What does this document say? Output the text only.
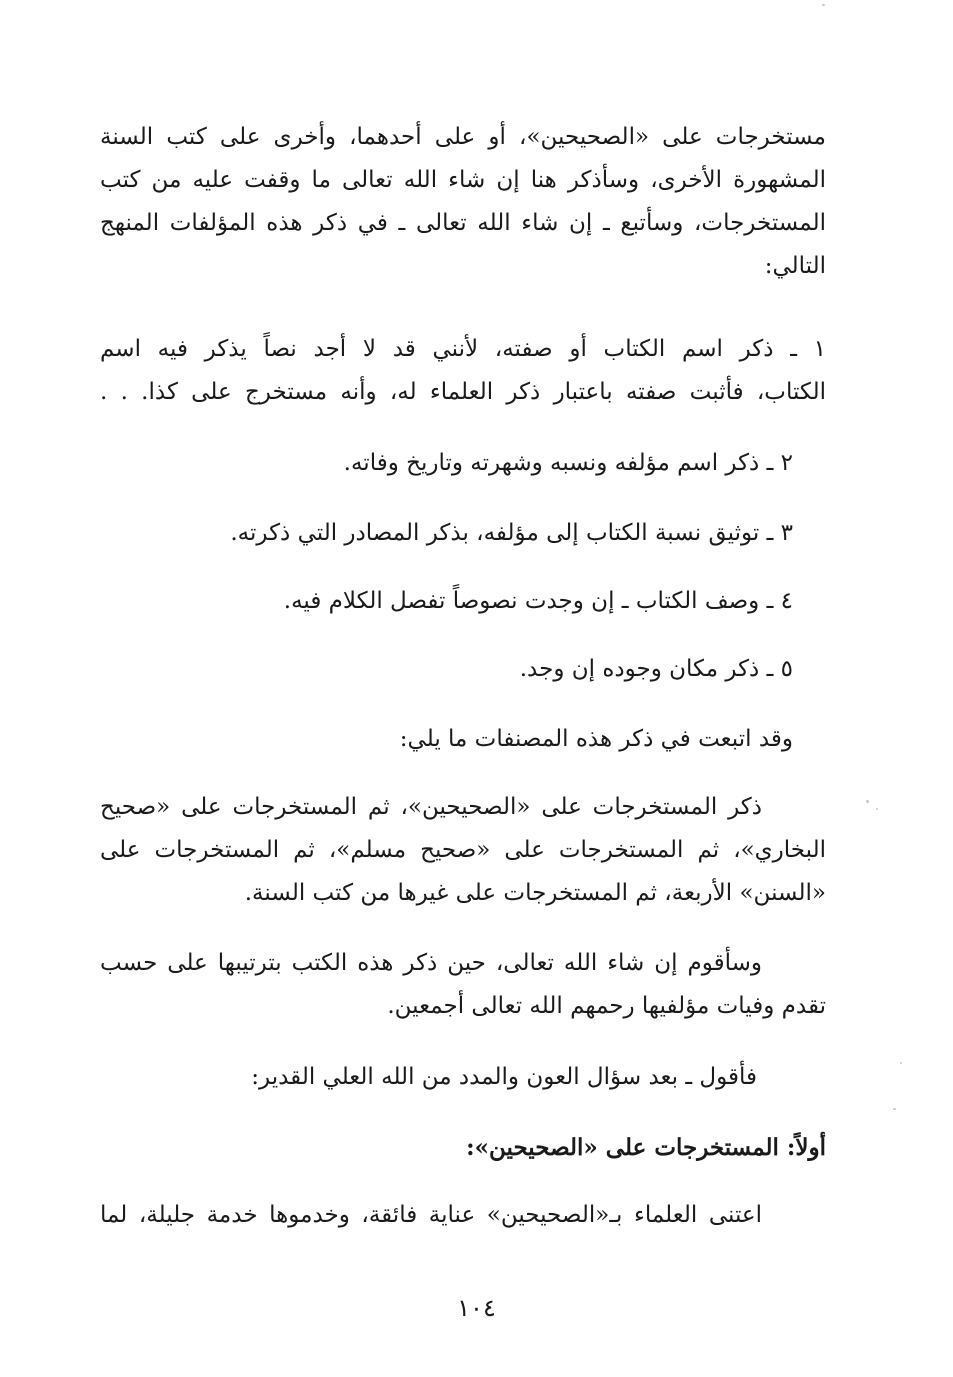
مستخرجات على «الصحيحين»، أو على أحدهما، وأخرى على كتب السنة
المشهورة الأخرى، وسأذكر هنا إن شاء الله تعالى ما وقفت عليه من كتب
المستخرجات، وسأتبع ـ إن شاء الله تعالى ـ في ذكر هذه المؤلفات المنهج
التالي:
١ ـ ذكر اسم الكتاب أو صفته، لأنني قد لا أجد نصاً يذكر فيه اسم
الكتاب، فأثبت صفته باعتبار ذكر العلماء له، وأنه مستخرج على كذا. . .
٢ ـ ذكر اسم مؤلفه ونسبه وشهرته وتاريخ وفاته.
٣ ـ توثيق نسبة الكتاب إلى مؤلفه، بذكر المصادر التي ذكرته.
٤ ـ وصف الكتاب ـ إن وجدت نصوصاً تفصل الكلام فيه.
٥ ـ ذكر مكان وجوده إن وجد.
وقد اتبعت في ذكر هذه المصنفات ما يلي:
ذكر المستخرجات على «الصحيحين»، ثم المستخرجات على «صحيح
البخاري»، ثم المستخرجات على «صحيح مسلم»، ثم المستخرجات على
«السنن» الأربعة، ثم المستخرجات على غيرها من كتب السنة.
وسأقوم إن شاء الله تعالى، حين ذكر هذه الكتب بترتيبها على حسب
تقدم وفيات مؤلفيها رحمهم الله تعالى أجمعين.
فأقول ـ بعد سؤال العون والمدد من الله العلي القدير:
أولاً: المستخرجات على «الصحيحين»:
اعتنى العلماء بـ«الصحيحين» عناية فائقة، وخدموها خدمة جليلة، لما
١٠٤
